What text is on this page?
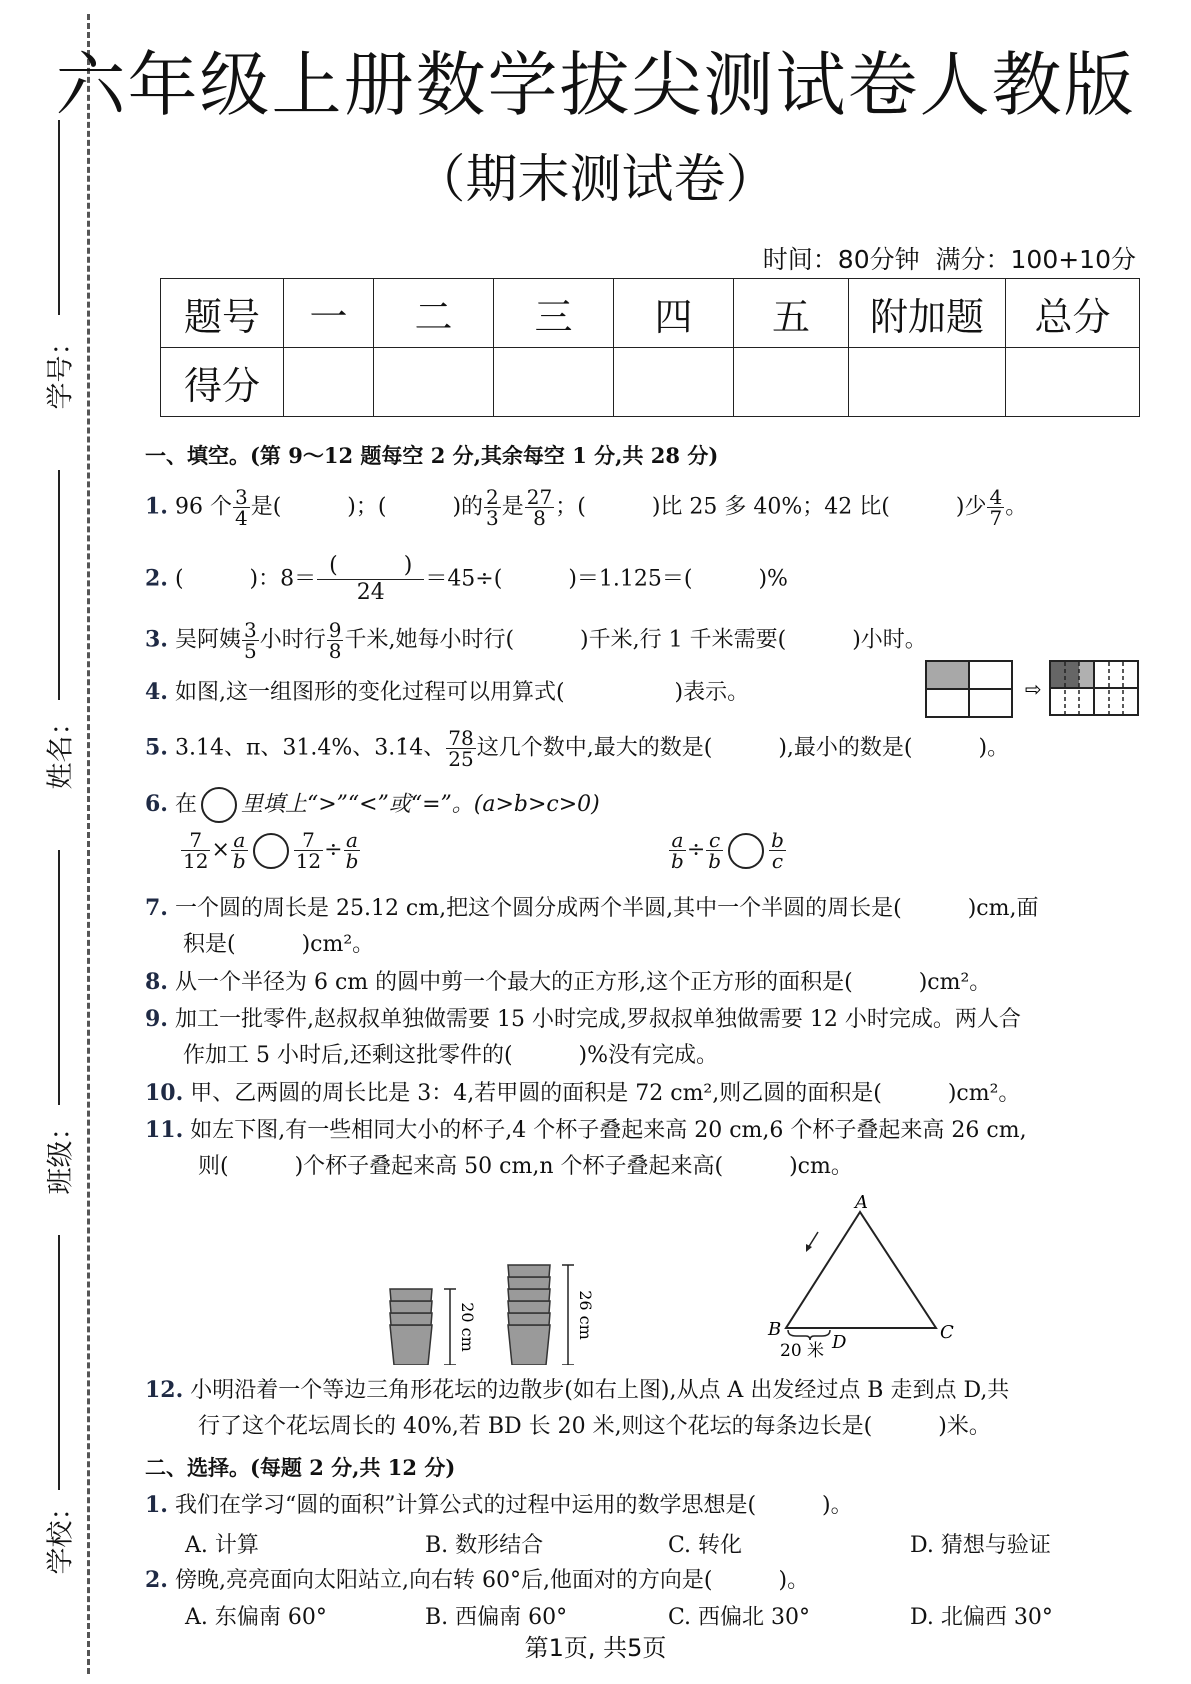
学号：
姓名：
班级：
学校：
六年级上册数学拔尖测试卷人教版
（期末测试卷）
时间：80分钟 满分：100+10分
题号	一	二	三	四	五	附加题	总分
得分							
一、填空。(第 9～12 题每空 2 分,其余每空 1 分,共 28 分)
1. 96 个 $\frac{3}{4}$ 是(　　　)；(　　　)的 $\frac{2}{3}$ 是 $\frac{27}{8}$ ；(　　　)比 25 多 40%；42 比(　　　)少 $\frac{4}{7}$ 。
2. (　　　)：$8= \frac{( )}{24} =45\div$(　　　)＝1.125＝(　　　)%
3. 吴阿姨 $\frac{3}{5}$ 小时行 $\frac{9}{8}$ 千米,她每小时行(　　　)千米,行 1 千米需要(　　　)小时。
4. 如图,这一组图形的变化过程可以用算式(　　　　　)表示。	⇨
5. 3.14、π、31.4%、3.1̇4̇、 $\frac{78}{25}$ 这几个数中,最大的数是(　　　),最小的数是(　　　)。
6. 在 里填上“>”“<”或“=”。(a>b>c>0)
$\frac{7}{12} \times \frac{a}{b} \frac{7}{12} \div \frac{a}{b}$	$\frac{a}{b} \div \frac{c}{b} \frac{b}{c}$
7. 一个圆的周长是 25.12 cm,把这个圆分成两个半圆,其中一个半圆的周长是(　　　)cm,面
积是(　　　)cm²。
8. 从一个半径为 6 cm 的圆中剪一个最大的正方形,这个正方形的面积是(　　　)cm²。
9. 加工一批零件,赵叔叔单独做需要 15 小时完成,罗叔叔单独做需要 12 小时完成。两人合
作加工 5 小时后,还剩这批零件的(　　　)%没有完成。
10. 甲、乙两圆的周长比是 3：4,若甲圆的面积是 72 cm²,则乙圆的面积是(　　　)cm²。
11. 如左下图,有一些相同大小的杯子,4 个杯子叠起来高 20 cm,6 个杯子叠起来高 26 cm,
则(　　　)个杯子叠起来高 50 cm,n 个杯子叠起来高(　　　)cm。
20 cm	26 cm
A
B	C
D
20 米
12. 小明沿着一个等边三角形花坛的边散步(如右上图),从点 A 出发经过点 B 走到点 D,共
行了这个花坛周长的 40%,若 BD 长 20 米,则这个花坛的每条边长是(　　　)米。
二、选择。(每题 2 分,共 12 分)
1. 我们在学习“圆的面积”计算公式的过程中运用的数学思想是(　　　)。
A. 计算	B. 数形结合	C. 转化	D. 猜想与验证
2. 傍晚,亮亮面向太阳站立,向右转 60°后,他面对的方向是(　　　)。
A. 东偏南 60°	B. 西偏南 60°	C. 西偏北 30°	D. 北偏西 30°
第1页, 共5页
